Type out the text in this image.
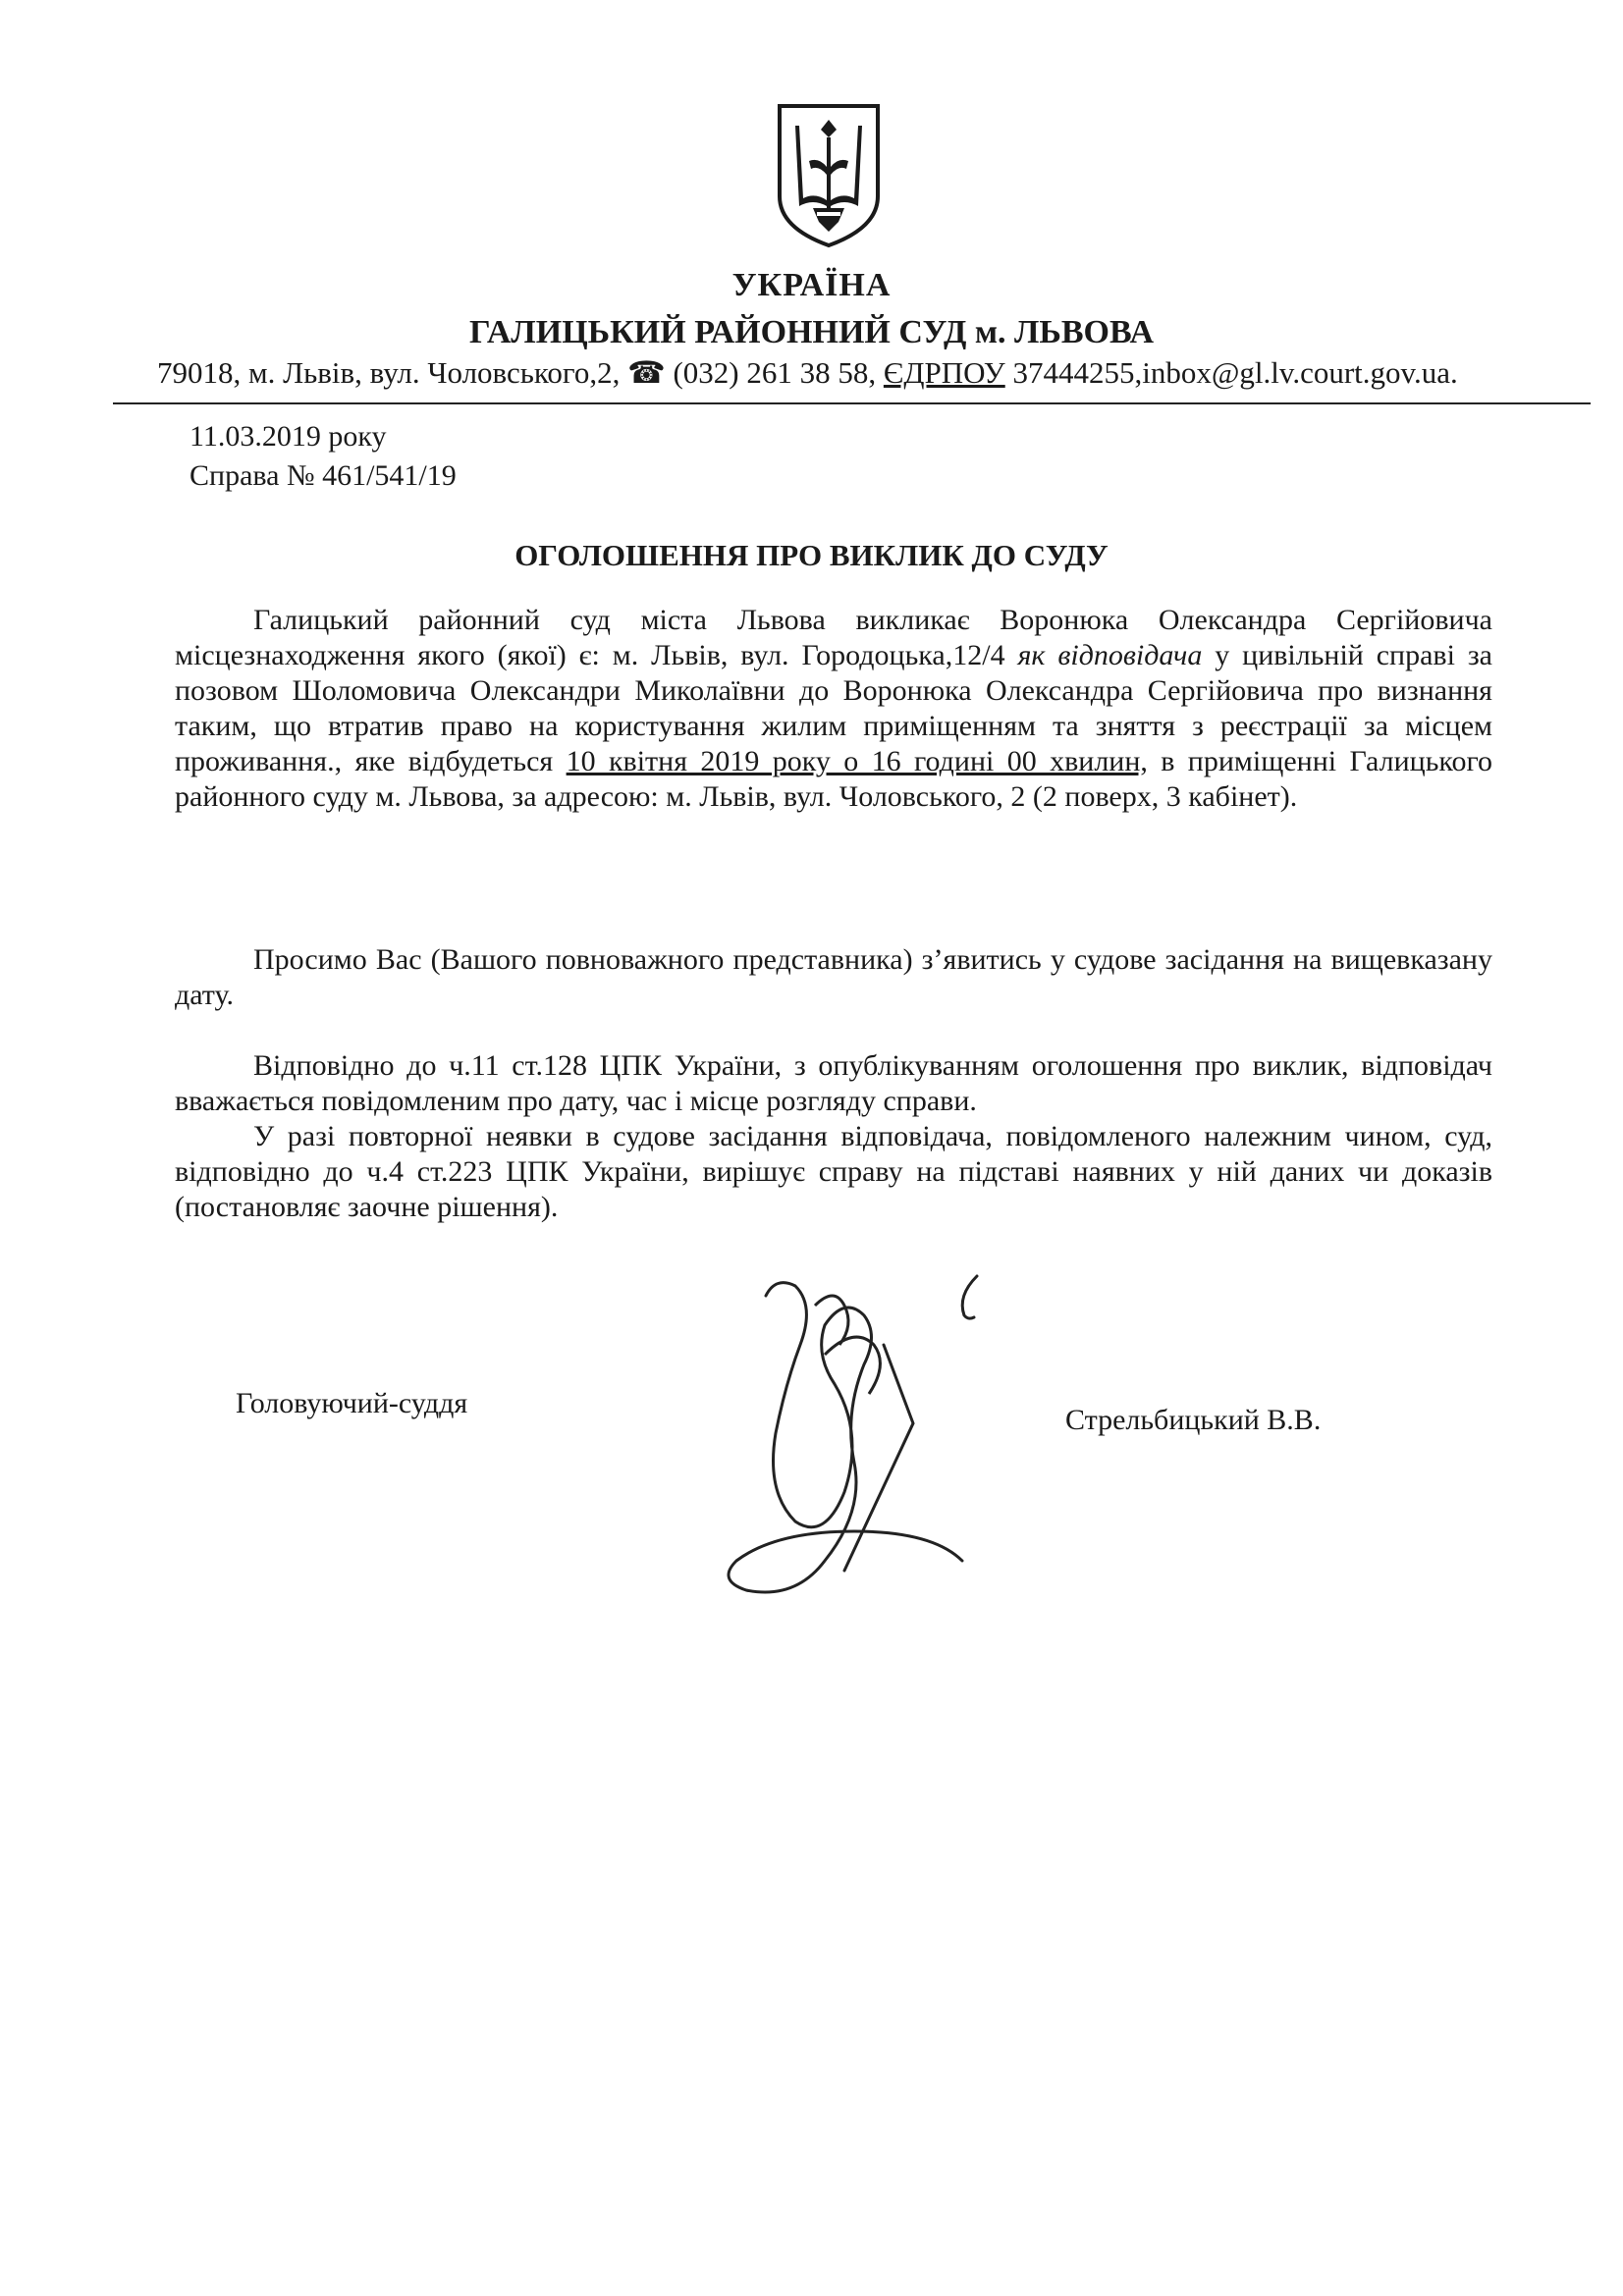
УКРАЇНА
ГАЛИЦЬКИЙ РАЙОННИЙ СУД м. ЛЬВОВА
79018, м. Львів, вул. Чоловського,2, ☎ (032) 261 38 58, ЄДРПОУ 37444255,inbox@gl.lv.court.gov.ua.
11.03.2019 року
Справа № 461/541/19
ОГОЛОШЕННЯ ПРО ВИКЛИК ДО СУДУ

Галицький районний суд міста Львова викликає Воронюка Олександра Сергійовича місцезнаходження якого (якої) є: м. Львів, вул. Городоцька,12/4 як відповідача у цивільній справі за позовом Шоломовича Олександри Миколаївни до Воронюка Олександра Сергійовича про визнання таким, що втратив право на користування жилим приміщенням та зняття з реєстрації за місцем проживання., яке відбудеться 10 квітня 2019 року о 16 годині 00 хвилин, в приміщенні Галицького районного суду м. Львова, за адресою: м. Львів, вул. Чоловського, 2 (2 поверх, 3 кабінет).

Просимо Вас (Вашого повноважного представника) з’явитись у судове засідання на вищевказану дату.

Відповідно до ч.11 ст.128 ЦПК України, з опублікуванням оголошення про виклик, відповідач вважається повідомленим про дату, час і місце розгляду справи.

У разі повторної неявки в судове засідання відповідача, повідомленого належним чином, суд, відповідно до ч.4 ст.223 ЦПК України, вирішує справу на підставі наявних у ній даних чи доказів (постановляє заочне рішення).

Головуючий-суддя
Стрельбицький В.В.
